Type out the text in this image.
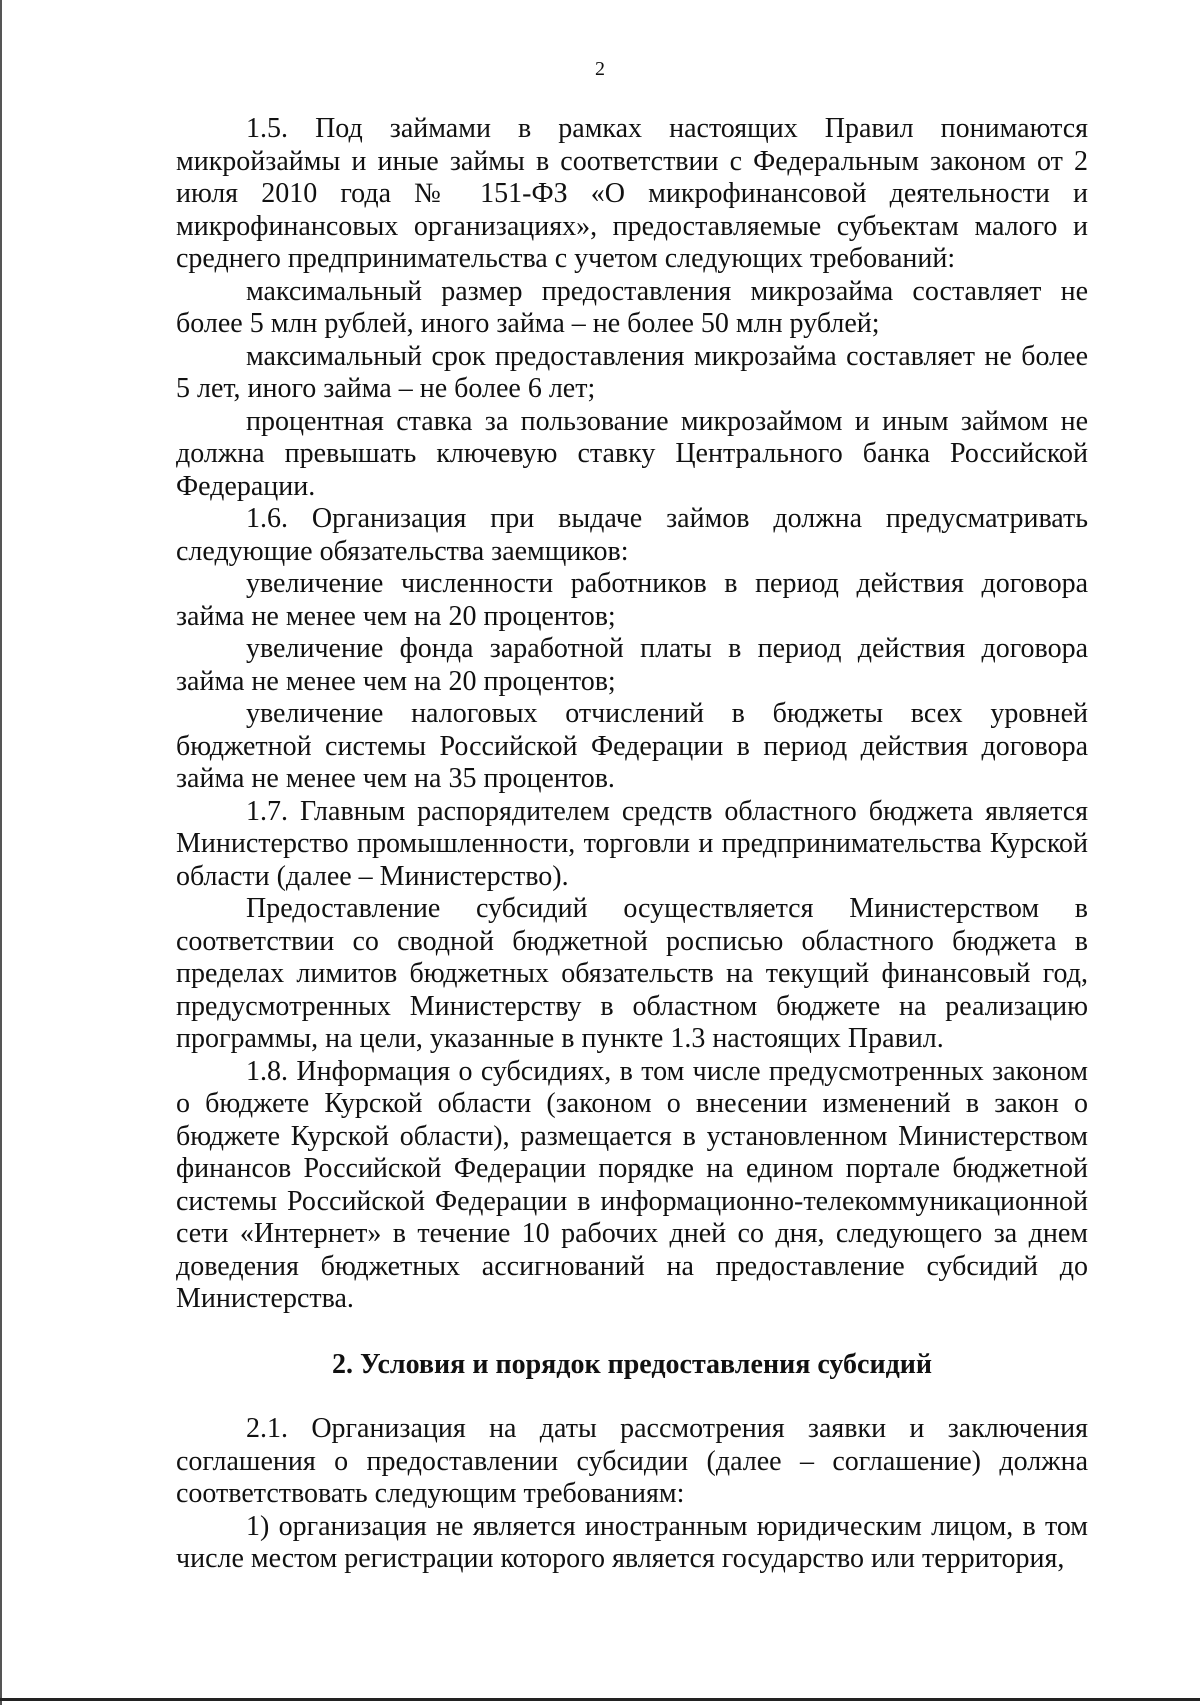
2

1.5. Под займами в рамках настоящих Правил понимаются микройзаймы и иные займы в соответствии с Федеральным законом от 2 июля 2010 года № 151-ФЗ «О микрофинансовой деятельности и микрофинансовых организациях», предоставляемые субъектам малого и среднего предпринимательства с учетом следующих требований:

максимальный размер предоставления микрозайма составляет не более 5 млн рублей, иного займа – не более 50 млн рублей;

максимальный срок предоставления микрозайма составляет не более 5 лет, иного займа – не более 6 лет;

процентная ставка за пользование микрозаймом и иным займом не должна превышать ключевую ставку Центрального банка Российской Федерации.

1.6. Организация при выдаче займов должна предусматривать следующие обязательства заемщиков:

увеличение численности работников в период действия договора займа не менее чем на 20 процентов;

увеличение фонда заработной платы в период действия договора займа не менее чем на 20 процентов;

увеличение налоговых отчислений в бюджеты всех уровней бюджетной системы Российской Федерации в период действия договора займа не менее чем на 35 процентов.

1.7. Главным распорядителем средств областного бюджета является Министерство промышленности, торговли и предпринимательства Курской области (далее – Министерство).

Предоставление субсидий осуществляется Министерством в соответствии со сводной бюджетной росписью областного бюджета в пределах лимитов бюджетных обязательств на текущий финансовый год, предусмотренных Министерству в областном бюджете на реализацию программы, на цели, указанные в пункте 1.3 настоящих Правил.

1.8. Информация о субсидиях, в том числе предусмотренных законом о бюджете Курской области (законом о внесении изменений в закон о бюджете Курской области), размещается в установленном Министерством финансов Российской Федерации порядке на едином портале бюджетной системы Российской Федерации в информационно-телекоммуникационной сети «Интернет» в течение 10 рабочих дней со дня, следующего за днем доведения бюджетных ассигнований на предоставление субсидий до Министерства.

2. Условия и порядок предоставления субсидий

2.1. Организация на даты рассмотрения заявки и заключения соглашения о предоставлении субсидии (далее – соглашение) должна соответствовать следующим требованиям:

1) организация не является иностранным юридическим лицом, в том числе местом регистрации которого является государство или территория,
